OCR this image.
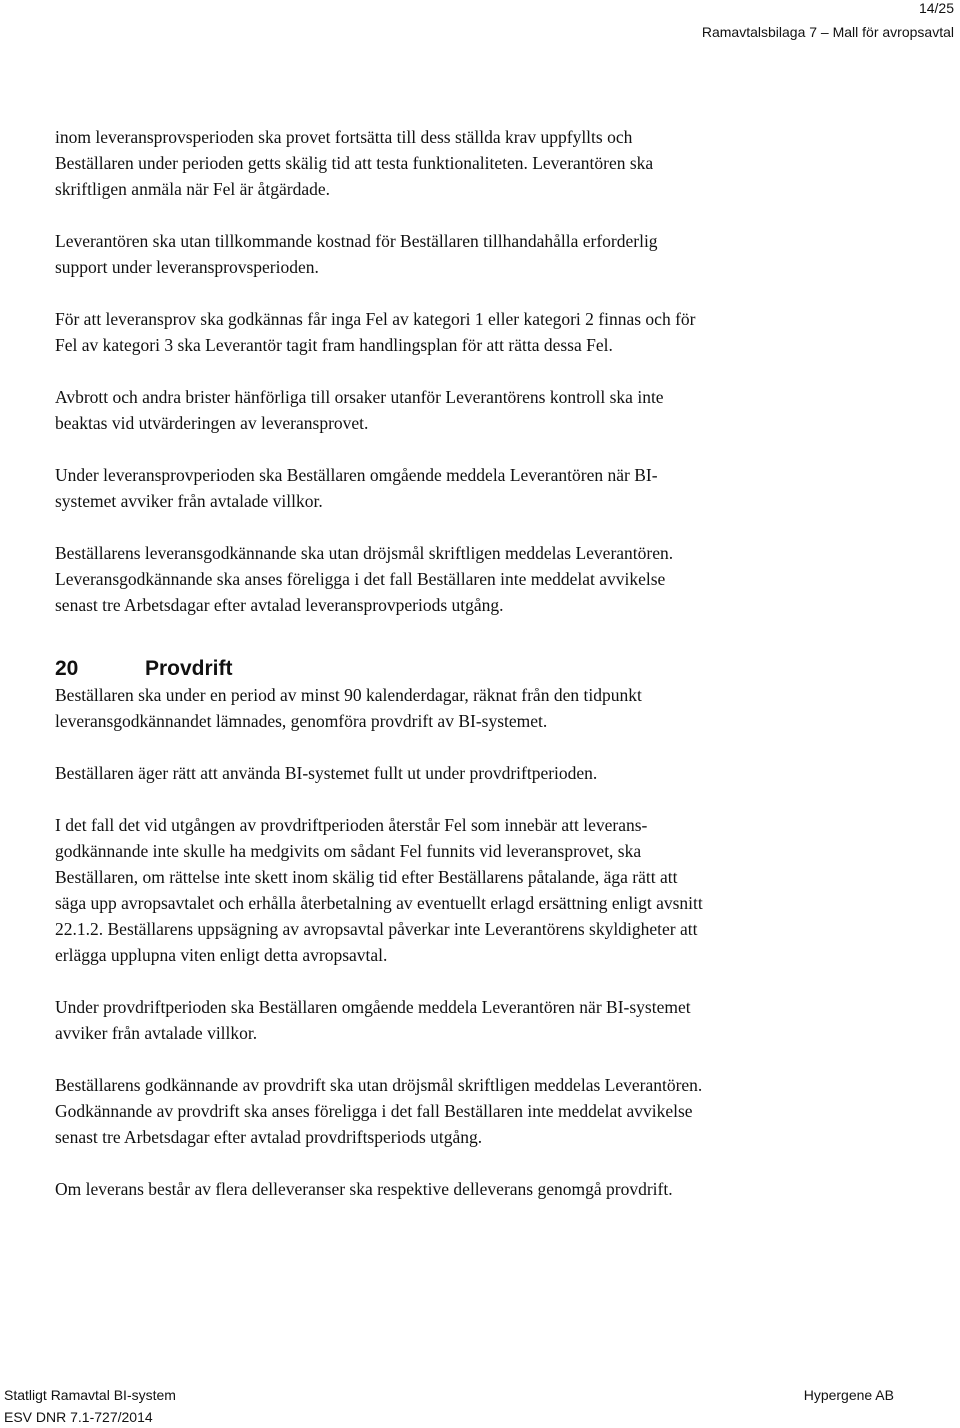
14/25
Ramavtalsbilaga 7 – Mall för avropsavtal

inom leveransprovsperioden ska provet fortsätta till dess ställda krav uppfyllts och
Beställaren under perioden getts skälig tid att testa funktionaliteten. Leverantören ska
skriftligen anmäla när Fel är åtgärdade.

Leverantören ska utan tillkommande kostnad för Beställaren tillhandahålla erforderlig
support under leveransprovsperioden.

För att leveransprov ska godkännas får inga Fel av kategori 1 eller kategori 2 finnas och för
Fel av kategori 3 ska Leverantör tagit fram handlingsplan för att rätta dessa Fel.

Avbrott och andra brister hänförliga till orsaker utanför Leverantörens kontroll ska inte
beaktas vid utvärderingen av leveransprovet.

Under leveransprovperioden ska Beställaren omgående meddela Leverantören när BI-
systemet avviker från avtalade villkor.

Beställarens leveransgodkännande ska utan dröjsmål skriftligen meddelas Leverantören.
Leveransgodkännande ska anses föreligga i det fall Beställaren inte meddelat avvikelse
senast tre Arbetsdagar efter avtalad leveransprovperiods utgång.

20	Provdrift

Beställaren ska under en period av minst 90 kalenderdagar, räknat från den tidpunkt
leveransgodkännandet lämnades, genomföra provdrift av BI-systemet.

Beställaren äger rätt att använda BI-systemet fullt ut under provdriftperioden.

I det fall det vid utgången av provdriftperioden återstår Fel som innebär att leverans-
godkännande inte skulle ha medgivits om sådant Fel funnits vid leveransprovet, ska
Beställaren, om rättelse inte skett inom skälig tid efter Beställarens påtalande, äga rätt att
säga upp avropsavtalet och erhålla återbetalning av eventuellt erlagd ersättning enligt avsnitt
22.1.2. Beställarens uppsägning av avropsavtal påverkar inte Leverantörens skyldigheter att
erlägga upplupna viten enligt detta avropsavtal.

Under provdriftperioden ska Beställaren omgående meddela Leverantören när BI-systemet
avviker från avtalade villkor.

Beställarens godkännande av provdrift ska utan dröjsmål skriftligen meddelas Leverantören.
Godkännande av provdrift ska anses föreligga i det fall Beställaren inte meddelat avvikelse
senast tre Arbetsdagar efter avtalad provdriftsperiods utgång.

Om leverans består av flera delleveranser ska respektive delleverans genomgå provdrift.

Statligt Ramavtal BI-system
ESV DNR 7.1-727/2014
Hypergene AB
